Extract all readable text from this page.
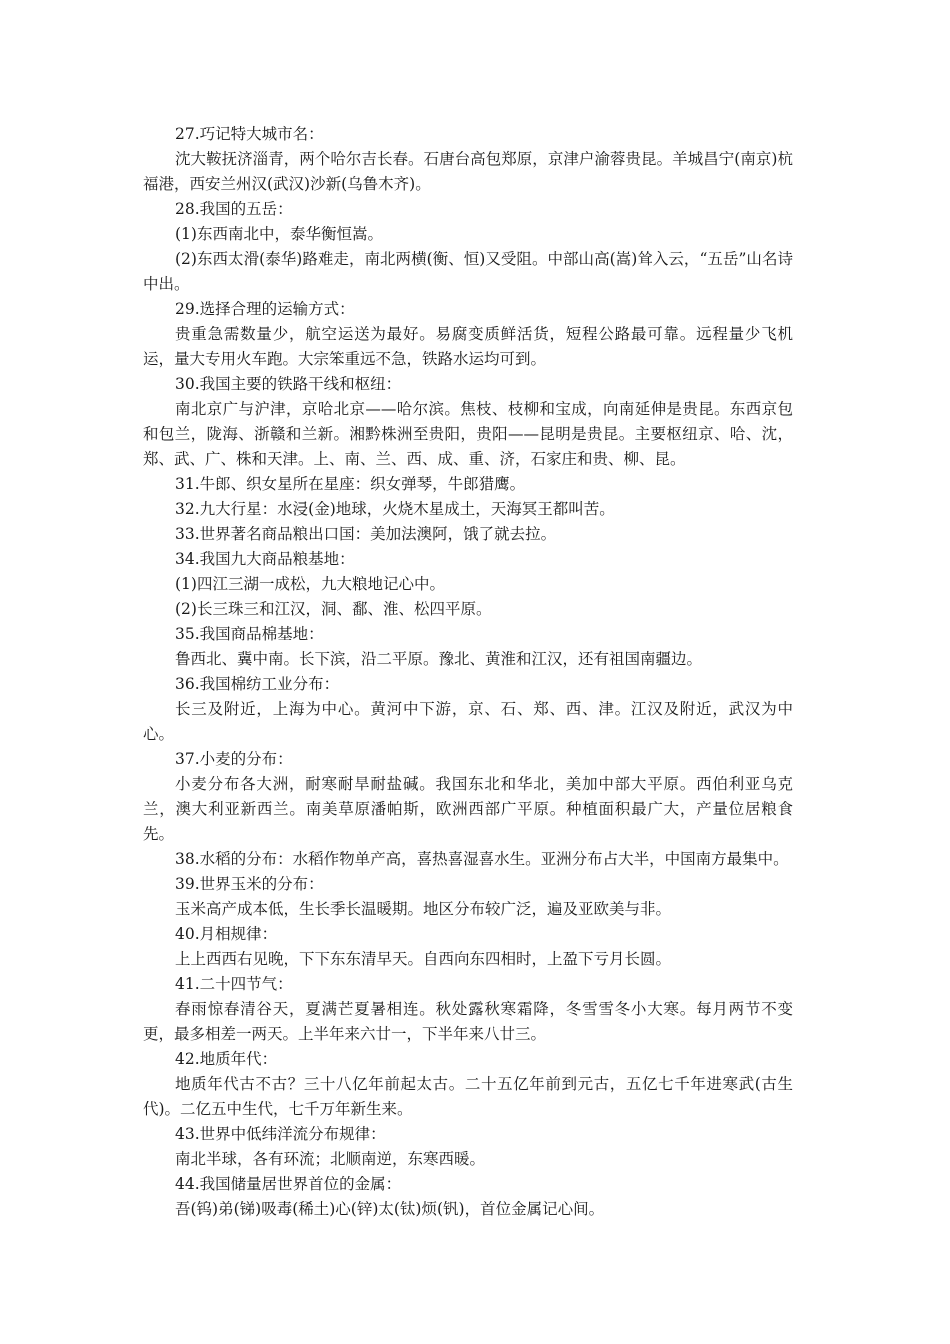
27.巧记特大城市名：

沈大鞍抚济淄青，两个哈尔吉长春。石唐台高包郑原，京津户渝蓉贵昆。羊城昌宁(南京)杭福港，西安兰州汉(武汉)沙新(乌鲁木齐)。

28.我国的五岳：

(1)东西南北中，泰华衡恒嵩。

(2)东西太滑(泰华)路难走，南北两横(衡、恒)又受阻。中部山高(嵩)耸入云，“五岳”山名诗中出。

29.选择合理的运输方式：

贵重急需数量少，航空运送为最好。易腐变质鲜活货，短程公路最可靠。远程量少飞机运，量大专用火车跑。大宗笨重远不急，铁路水运均可到。

30.我国主要的铁路干线和枢纽：

南北京广与沪津，京哈北京——哈尔滨。焦枝、枝柳和宝成，向南延伸是贵昆。东西京包和包兰，陇海、浙赣和兰新。湘黔株洲至贵阳，贵阳——昆明是贵昆。主要枢纽京、哈、沈，郑、武、广、株和天津。上、南、兰、西、成、重、济，石家庄和贵、柳、昆。

31.牛郎、织女星所在星座：织女弹琴，牛郎猎鹰。

32.九大行星：水浸(金)地球，火烧木星成土，天海冥王都叫苦。

33.世界著名商品粮出口国：美加法澳阿，饿了就去拉。

34.我国九大商品粮基地：

(1)四江三湖一成松，九大粮地记心中。

(2)长三珠三和江汉，洞、鄱、淮、松四平原。

35.我国商品棉基地：

鲁西北、冀中南。长下滨，沿二平原。豫北、黄淮和江汉，还有祖国南疆边。

36.我国棉纺工业分布：

长三及附近，上海为中心。黄河中下游，京、石、郑、西、津。江汉及附近，武汉为中心。

37.小麦的分布：

小麦分布各大洲，耐寒耐旱耐盐碱。我国东北和华北，美加中部大平原。西伯利亚乌克兰，澳大利亚新西兰。南美草原潘帕斯，欧洲西部广平原。种植面积最广大，产量位居粮食先。

38.水稻的分布：水稻作物单产高，喜热喜湿喜水生。亚洲分布占大半，中国南方最集中。

39.世界玉米的分布：

玉米高产成本低，生长季长温暖期。地区分布较广泛，遍及亚欧美与非。

40.月相规律：

上上西西右见晚，下下东东清早天。自西向东四相时，上盈下亏月长圆。

41.二十四节气：

春雨惊春清谷天，夏满芒夏暑相连。秋处露秋寒霜降，冬雪雪冬小大寒。每月两节不变更，最多相差一两天。上半年来六廿一，下半年来八廿三。

42.地质年代：

地质年代古不古？三十八亿年前起太古。二十五亿年前到元古，五亿七千年进寒武(古生代)。二亿五中生代，七千万年新生来。

43.世界中低纬洋流分布规律：

南北半球，各有环流；北顺南逆，东寒西暖。

44.我国储量居世界首位的金属：

吾(钨)弟(锑)吸毒(稀土)心(锌)太(钛)烦(钒)，首位金属记心间。
